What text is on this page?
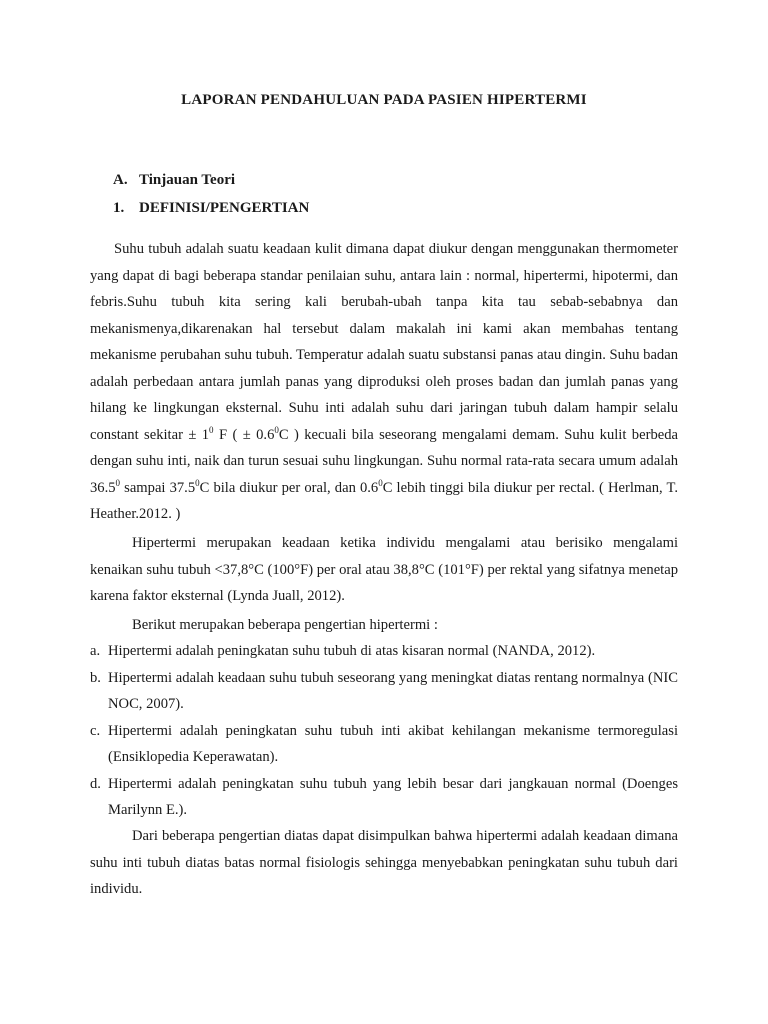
LAPORAN PENDAHULUAN PADA PASIEN HIPERTERMI
A. Tinjauan Teori
1. DEFINISI/PENGERTIAN
Suhu tubuh adalah suatu keadaan kulit dimana dapat diukur dengan menggunakan thermometer yang dapat di bagi beberapa standar penilaian suhu, antara lain : normal, hipertermi, hipotermi, dan febris.Suhu tubuh kita sering kali berubah-ubah tanpa kita tau sebab-sebabnya dan mekanismenya,dikarenakan hal tersebut dalam makalah ini kami akan membahas tentang mekanisme perubahan suhu tubuh. Temperatur adalah suatu substansi panas atau dingin. Suhu badan adalah perbedaan antara jumlah panas yang diproduksi oleh proses badan dan jumlah panas yang hilang ke lingkungan eksternal. Suhu inti adalah suhu dari jaringan tubuh dalam hampir selalu constant sekitar ± $1^0$ F ( ± $0.6^0C$ ) kecuali bila seseorang mengalami demam. Suhu kulit berbeda dengan suhu inti, naik dan turun sesuai suhu lingkungan. Suhu normal rata-rata secara umum adalah 36.5$^0$ sampai 37.5$^0$C bila diukur per oral, dan $0.6^0C$ lebih tinggi bila diukur per rectal. ( Herlman, T. Heather.2012. )
Hipertermi merupakan keadaan ketika individu mengalami atau berisiko mengalami kenaikan suhu tubuh <37,8°C (100°F) per oral atau 38,8°C (101°F) per rektal yang sifatnya menetap karena faktor eksternal (Lynda Juall, 2012).
Berikut merupakan beberapa pengertian hipertermi :
a. Hipertermi adalah peningkatan suhu tubuh di atas kisaran normal (NANDA, 2012).
b. Hipertermi adalah keadaan suhu tubuh seseorang yang meningkat diatas rentang normalnya (NIC NOC, 2007).
c. Hipertermi adalah peningkatan suhu tubuh inti akibat kehilangan mekanisme termoregulasi (Ensiklopedia Keperawatan).
d. Hipertermi adalah peningkatan suhu tubuh yang lebih besar dari jangkauan normal (Doenges Marilynn E.).
Dari beberapa pengertian diatas dapat disimpulkan bahwa hipertermi adalah keadaan dimana suhu inti tubuh diatas batas normal fisiologis sehingga menyebabkan peningkatan suhu tubuh dari individu.
